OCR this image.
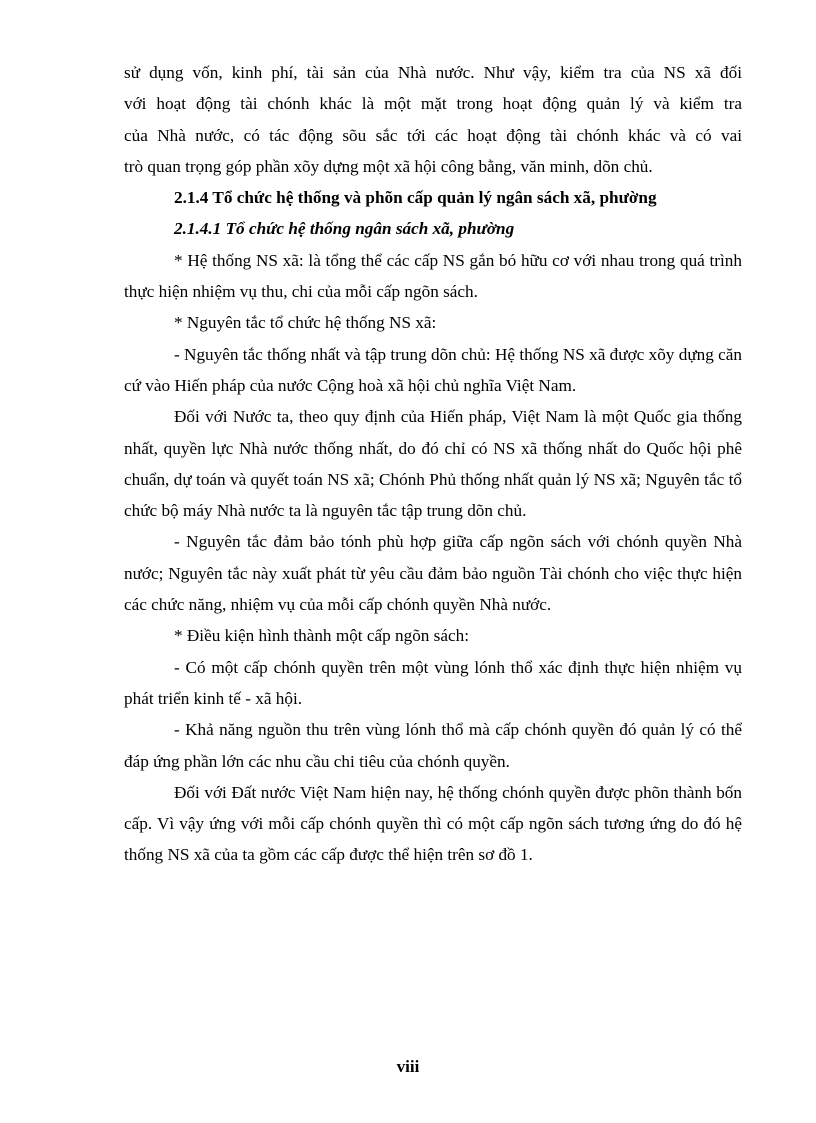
sử dụng vốn, kinh phí, tài sản của Nhà nước. Như vậy, kiểm tra của NS xã đối

với hoạt động tài chónh khác là một mặt trong hoạt động quản lý và kiểm tra

của Nhà nước, có tác động sõu sắc tới các hoạt động tài chónh khác và có vai

trò quan trọng góp phần xõy dựng một xã hội công bằng, văn minh, dõn chủ.

2.1.4 Tổ chức hệ thống và phõn cấp quản lý ngân sách xã, phường

2.1.4.1 Tổ chức hệ thống ngân sách xã, phường

* Hệ thống NS xã: là tổng thể các cấp NS gắn bó hữu cơ với nhau trong quá trình thực hiện nhiệm vụ thu, chi của mỗi cấp ngõn sách.

* Nguyên tắc tổ chức hệ thống NS xã:

- Nguyên tắc thống nhất và tập trung dõn chủ: Hệ thống NS xã được xõy dựng căn cứ vào Hiến pháp của nước Cộng hoà xã hội chủ nghĩa Việt Nam.

Đối với Nước ta, theo quy định của Hiến pháp, Việt Nam là một Quốc gia thống nhất, quyền lực Nhà nước thống nhất, do đó chỉ có NS xã thống nhất do Quốc hội phê chuẩn, dự toán và quyết toán NS xã; Chónh Phủ thống nhất quản lý NS xã; Nguyên tắc tổ chức bộ máy Nhà nước ta là nguyên tắc tập trung dõn chủ.

- Nguyên tắc đảm bảo tónh phù hợp giữa cấp ngõn sách với chónh quyền Nhà nước; Nguyên tắc này xuất phát từ yêu cầu đảm bảo nguồn Tài chónh cho việc thực hiện các chức năng, nhiệm vụ của mỗi cấp chónh quyền Nhà nước.

* Điều kiện hình thành một cấp ngõn sách:

- Có một cấp chónh quyền trên một vùng lónh thổ xác định thực hiện nhiệm vụ phát triển kinh tế - xã hội.

- Khả năng nguồn thu trên vùng lónh thổ mà cấp chónh quyền đó quản lý có thể đáp ứng phần lớn các nhu cầu chi tiêu của chónh quyền.

Đối với Đất nước Việt Nam hiện nay, hệ thống chónh quyền được phõn thành bốn cấp. Vì vậy ứng với mỗi cấp chónh quyền thì có một cấp ngõn sách tương ứng do đó hệ thống NS xã của ta gồm các cấp được thể hiện trên sơ đồ 1.

viii
